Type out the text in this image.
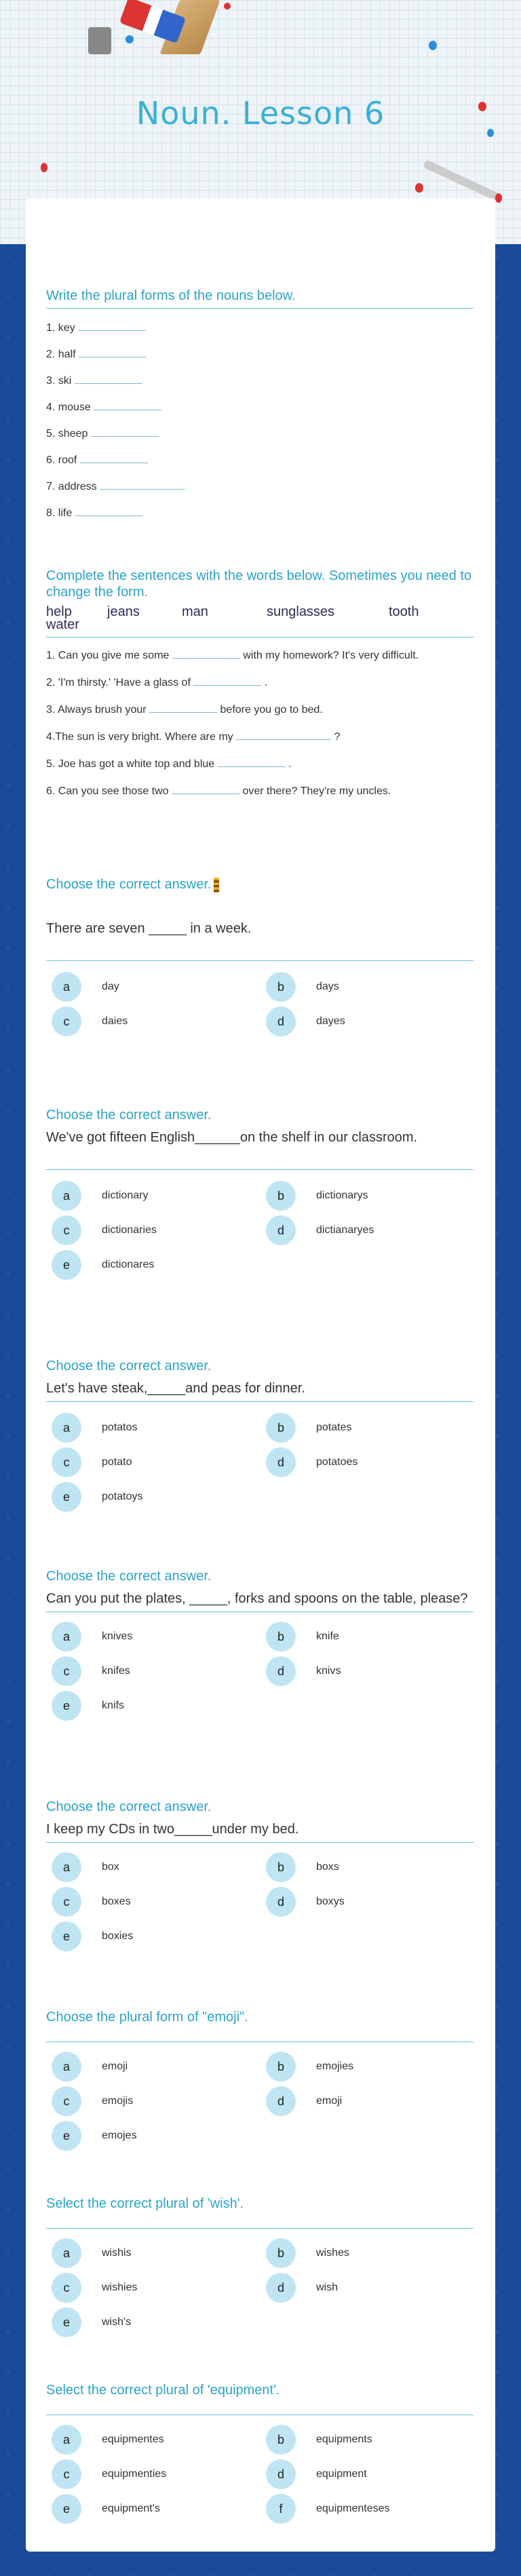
Noun. Lesson 6
Write the plural forms of the nouns below.
1. key
2. half
3. ski
4. mouse
5. sheep
6. roof
7. address
8. life
Complete the sentences with the words below. Sometimes you need to change the form.
help	jeans	man	sunglasses	tooth
water
1. Can you give me some	with my homework? It's very difficult.
2. 'I'm thirsty.' 'Have a glass of	.
3. Always brush your	before you go to bed.
4.The sun is very bright. Where are my	?
5. Joe has got a white top and blue	.
6. Can you see those two	over there? They're my uncles.
Choose the correct answer.
There are seven _____ in a week.
a	day	b	days
c	daies	d	dayes
Choose the correct answer.
We've got fifteen English______on the shelf in our classroom.
a	dictionary	b	dictionarys
c	dictionaries	d	dictianaryes
e	dictionares
Choose the correct answer.
Let's have steak,_____and peas for dinner.
a	potatos	b	potates
c	potato	d	potatoes
e	potatoys
Choose the correct answer.
Can you put the plates, _____, forks and spoons on the table, please?
a	knives	b	knife
c	knifes	d	knivs
e	knifs
Choose the correct answer.
I keep my CDs in two_____under my bed.
a	box	b	boxs
c	boxes	d	boxys
e	boxies
Choose the plural form of "emoji".
a	emoji	b	emojies
c	emojis	d	emoji
e	emojes
Select the correct plural of 'wish'.
a	wishis	b	wishes
c	wishies	d	wish
e	wish's
Select the correct plural of 'equipment'.
a	equipmentes	b	equipments
c	equipmenties	d	equipment
e	equipment's	f	equipmenteses
